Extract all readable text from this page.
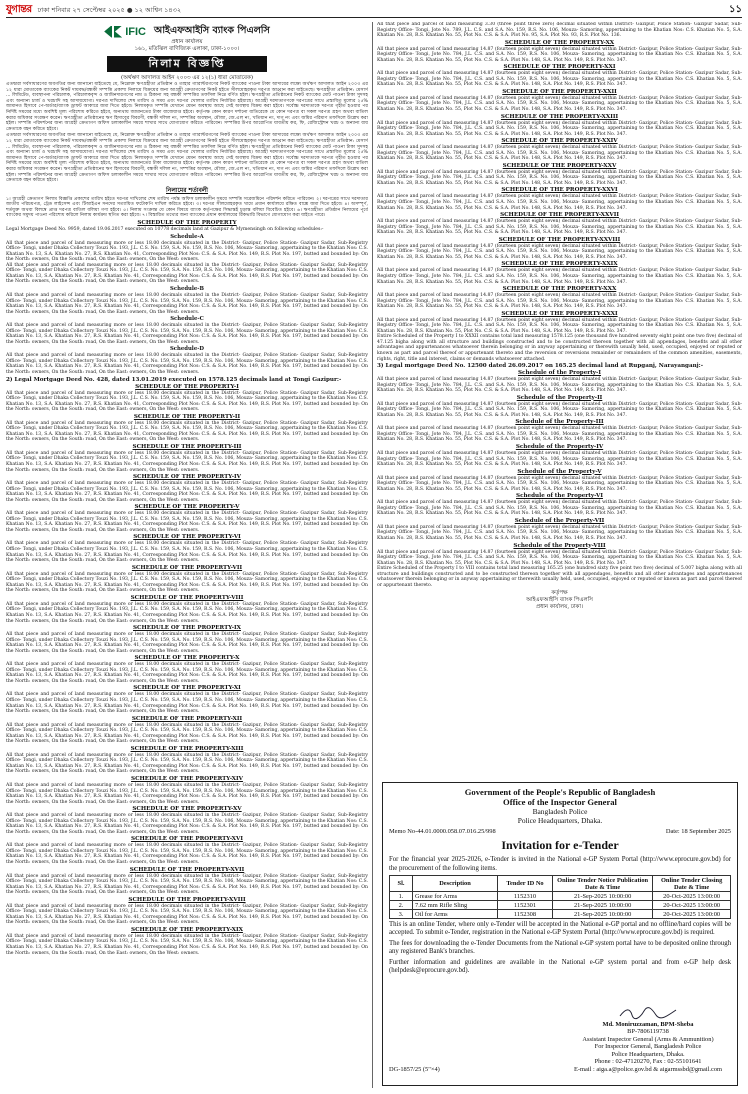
যুগান্তর ঢাকা শনিবার ২৭ সেপ্টেম্বর ২০২৫ ● ১২ আশ্বিন ১৪৩২	১১
IFIC আইএফআইসি ব্যাংক পিএলসি
প্রধান কার্যালয়
১৬১, মতিঝিল বাণিজ্যিক এলাকা, ঢাকা-১০০০।
নিলাম বিজ্ঞপ্তি
(অর্থঋণ আদালত আইন ২০০৩ এর ১২(১) ধারা মোতাবেক)

এতদ্বারা সর্বসাধারণের অবগতির জন্য জানানো যাইতেছে যে, নিম্নোক্ত ঋণগ্রহীতা প্রতিষ্ঠান ও তাহার গ্যারান্টরগণের নিকট ব্যাংকের পাওনা টাকা আদায়ের লক্ষ্যে অর্থঋণ আদালত আইন ২০০৩ এর ১২ ধারা মোতাবেক ব্যাংকের নিকট দায়বদ্ধ/বন্ধকী সম্পত্তি প্রকাশ্য নিলামে বিক্রয়ের জন্য আগ্রহী ক্রেতাগণের নিকট হইতে সীলমোহরকৃত দরপত্র আহ্বান করা যাইতেছে। ঋণগ্রহীতা প্রতিষ্ঠান: মেসার্স ... লিমিটেড, ব্যবস্থাপনা পরিচালক, পরিচালকবৃন্দ ও জামিনদারগণের নাম ও ঠিকানা সহ বন্ধকী সম্পত্তির তফসিল নিম্নে বর্ণিত হইল। ঋণগ্রহীতা প্রতিষ্ঠানের নিকট ব্যাংকের মোট পাওনা টাকা সুদসহ এবং অন্যান্য চার্জ ও খরচাদি সহ আদায়যোগ্য। দরপত্র দাখিলের শেষ তারিখ ও সময় এবং দরপত্র খোলার তারিখ নির্ধারিত হইয়াছে। আগ্রহী দরদাতাগণকে দরপত্রের সাথে প্রস্তাবিত মূল্যের ২৫% জামানত হিসাবে পে-অর্ডার/ব্যাংক ড্রাফট আকারে জমা দিতে হইবে। নিলামকৃত সম্পত্তি যেখানে যেমন অবস্থায় আছে সেই অবস্থায় বিক্রয় করা হইবে। সর্বোচ্চ দরদাতাকে দরপত্র গৃহীত হওয়ার পর নির্দিষ্ট সময়ের মধ্যে অবশিষ্ট মূল্য পরিশোধ করিতে হইবে, অন্যথায় জামানতের টাকা বাজেয়াপ্ত হইবে। কর্তৃপক্ষ কোন কারণ দর্শানো ব্যতিরেকে যে কোন দরপত্র বা সকল দরপত্র গ্রহণ অথবা বাতিল করার অধিকার সংরক্ষণ করেন। ঋণগ্রহীতা প্রতিষ্ঠানের ঋণ হিসাবের বিবরণী, বন্ধকী দলিল নং, সম্পত্তির অবস্থান, মৌজা, জে.এল নং, খতিয়ান নং, দাগ নং এবং জমির পরিমাণ তফসিলে উল্লেখ করা হইল। সম্পত্তি পরিদর্শনের জন্য আগ্রহী ক্রেতাগণ অফিস চলাকালীন সময়ে শাখার সাথে যোগাযোগ করিতে পারিবেন। সম্পত্তির উপর আরোপিত যাবতীয় কর, ফি, রেজিস্ট্রেশন খরচ ও অন্যান্য ব্যয় ক্রেতাকে বহন করিতে হইবে।

এতদ্বারা সর্বসাধারণের অবগতির জন্য জানানো যাইতেছে যে, নিম্নোক্ত ঋণগ্রহীতা প্রতিষ্ঠান ও তাহার গ্যারান্টরগণের নিকট ব্যাংকের পাওনা টাকা আদায়ের লক্ষ্যে অর্থঋণ আদালত আইন ২০০৩ এর ১২ ধারা মোতাবেক ব্যাংকের নিকট দায়বদ্ধ/বন্ধকী সম্পত্তি প্রকাশ্য নিলামে বিক্রয়ের জন্য আগ্রহী ক্রেতাগণের নিকট হইতে সীলমোহরকৃত দরপত্র আহ্বান করা যাইতেছে। ঋণগ্রহীতা প্রতিষ্ঠান: মেসার্স ... লিমিটেড, ব্যবস্থাপনা পরিচালক, পরিচালকবৃন্দ ও জামিনদারগণের নাম ও ঠিকানা সহ বন্ধকী সম্পত্তির তফসিল নিম্নে বর্ণিত হইল। ঋণগ্রহীতা প্রতিষ্ঠানের নিকট ব্যাংকের মোট পাওনা টাকা সুদসহ এবং অন্যান্য চার্জ ও খরচাদি সহ আদায়যোগ্য। দরপত্র দাখিলের শেষ তারিখ ও সময় এবং দরপত্র খোলার তারিখ নির্ধারিত হইয়াছে। আগ্রহী দরদাতাগণকে দরপত্রের সাথে প্রস্তাবিত মূল্যের ২৫% জামানত হিসাবে পে-অর্ডার/ব্যাংক ড্রাফট আকারে জমা দিতে হইবে। নিলামকৃত সম্পত্তি যেখানে যেমন অবস্থায় আছে সেই অবস্থায় বিক্রয় করা হইবে। সর্বোচ্চ দরদাতাকে দরপত্র গৃহীত হওয়ার পর নির্দিষ্ট সময়ের মধ্যে অবশিষ্ট মূল্য পরিশোধ করিতে হইবে, অন্যথায় জামানতের টাকা বাজেয়াপ্ত হইবে। কর্তৃপক্ষ কোন কারণ দর্শানো ব্যতিরেকে যে কোন দরপত্র বা সকল দরপত্র গ্রহণ অথবা বাতিল করার অধিকার সংরক্ষণ করেন। ঋণগ্রহীতা প্রতিষ্ঠানের ঋণ হিসাবের বিবরণী, বন্ধকী দলিল নং, সম্পত্তির অবস্থান, মৌজা, জে.এল নং, খতিয়ান নং, দাগ নং এবং জমির পরিমাণ তফসিলে উল্লেখ করা হইল। সম্পত্তি পরিদর্শনের জন্য আগ্রহী ক্রেতাগণ অফিস চলাকালীন সময়ে শাখার সাথে যোগাযোগ করিতে পারিবেন। সম্পত্তির উপর আরোপিত যাবতীয় কর, ফি, রেজিস্ট্রেশন খরচ ও অন্যান্য ব্যয় ক্রেতাকে বহন করিতে হইবে।

নিলামের শর্তাবলী

১। আগ্রহী ক্রেতাগণ নিলাম বিজ্ঞপ্তি প্রকাশের তারিখ হইতে দরপত্র দাখিলের শেষ তারিখ পর্যন্ত অফিস চলাকালীন সময়ে সম্পত্তি সরেজমিনে পরিদর্শন করিতে পারিবেন। ২। দরপত্রের সাথে দরদাতার জাতীয় পরিচয়পত্র, ট্রেড লাইসেন্স এবং টিআইএন সনদের সত্যায়িত ফটোকপি দাখিল করিতে হইবে। ৩। দরপত্র সীলমোহরকৃত খামে প্রধান কার্যালয়ে রক্ষিত বাক্সে জমা দিতে হইবে। ৪। অসম্পূর্ণ, শর্তযুক্ত অথবা বিলম্বে প্রাপ্ত দরপত্র বাতিল বলিয়া গণ্য হইবে। ৫। নিলাম সংক্রান্ত যে কোন বিষয়ে ব্যাংক কর্তৃপক্ষের সিদ্ধান্তই চূড়ান্ত বলিয়া বিবেচিত হইবে। ৬। ঋণগ্রহীতা প্রতিষ্ঠান নিলামের পূর্বে ব্যাংকের সমুদয় পাওনা পরিশোধ করিলে নিলাম কার্যক্রম স্থগিত করা হইবে। ৭। বিস্তারিত তথ্যের জন্য ব্যাংকের প্রধান কার্যালয়ের রিকভারি বিভাগে যোগাযোগ করা যাইতে পারে।

SCHEDULE OF THE PROPERTY

Legal Mortgage Deed No. 9959, dated 19.06.2017 executed on 10778 decimals land at Gazipur & Mymensingh on following schedules:-

Schedule-A

All that piece and parcel of land measuring more or less 18.00 decimals situated in the District- Gazipur, Police Station- Gazipur Sadar, Sub-Registry Office- Tongi, under Dhaka Collectory Touzi No. 193, J.L. C.S. No. 159, S.A. No. 159, R.S. No. 106, Mouza- Samoring, appertaining to the Khatian Nos: C.S. Khatian No. 13, S.A. Khatian No. 27, R.S. Khatian No. 41, Corresponding Plot Nos: C.S. & S.A. Plot No. 149, R.S. Plot No. 197, butted and bounded by: On the North: owners, On the South: road, On the East: owners, On the West: owners.

All that piece and parcel of land measuring more or less 18.00 decimals situated in the District- Gazipur, Police Station- Gazipur Sadar, Sub-Registry Office- Tongi, under Dhaka Collectory Touzi No. 193, J.L. C.S. No. 159, S.A. No. 159, R.S. No. 106, Mouza- Samoring, appertaining to the Khatian Nos: C.S. Khatian No. 13, S.A. Khatian No. 27, R.S. Khatian No. 41, Corresponding Plot Nos: C.S. & S.A. Plot No. 149, R.S. Plot No. 197, butted and bounded by: On the North: owners, On the South: road, On the East: owners, On the West: owners.

Schedule-B

All that piece and parcel of land measuring more or less 18.00 decimals situated in the District- Gazipur, Police Station- Gazipur Sadar, Sub-Registry Office- Tongi, under Dhaka Collectory Touzi No. 193, J.L. C.S. No. 159, S.A. No. 159, R.S. No. 106, Mouza- Samoring, appertaining to the Khatian Nos: C.S. Khatian No. 13, S.A. Khatian No. 27, R.S. Khatian No. 41, Corresponding Plot Nos: C.S. & S.A. Plot No. 149, R.S. Plot No. 197, butted and bounded by: On the North: owners, On the South: road, On the East: owners, On the West: owners.

Schedule-C

All that piece and parcel of land measuring more or less 18.00 decimals situated in the District- Gazipur, Police Station- Gazipur Sadar, Sub-Registry Office- Tongi, under Dhaka Collectory Touzi No. 193, J.L. C.S. No. 159, S.A. No. 159, R.S. No. 106, Mouza- Samoring, appertaining to the Khatian Nos: C.S. Khatian No. 13, S.A. Khatian No. 27, R.S. Khatian No. 41, Corresponding Plot Nos: C.S. & S.A. Plot No. 149, R.S. Plot No. 197, butted and bounded by: On the North: owners, On the South: road, On the East: owners, On the West: owners.

Schedule-D

All that piece and parcel of land measuring more or less 18.00 decimals situated in the District- Gazipur, Police Station- Gazipur Sadar, Sub-Registry Office- Tongi, under Dhaka Collectory Touzi No. 193, J.L. C.S. No. 159, S.A. No. 159, R.S. No. 106, Mouza- Samoring, appertaining to the Khatian Nos: C.S. Khatian No. 13, S.A. Khatian No. 27, R.S. Khatian No. 41, Corresponding Plot Nos: C.S. & S.A. Plot No. 149, R.S. Plot No. 197, butted and bounded by: On the North: owners, On the South: road, On the East: owners, On the West: owners.

2) Legal Mortgage Deed No. 428, dated 13.01.2019 executed on 1578.125 decimals land at Tongi Gazipur:-
SCHEDULE OF THE PROPERTY-I

All that piece and parcel of land measuring more or less 18.00 decimals situated in the District- Gazipur, Police Station- Gazipur Sadar, Sub-Registry Office- Tongi, under Dhaka Collectory Touzi No. 193, J.L. C.S. No. 159, S.A. No. 159, R.S. No. 106, Mouza- Samoring, appertaining to the Khatian Nos: C.S. Khatian No. 13, S.A. Khatian No. 27, R.S. Khatian No. 41, Corresponding Plot Nos: C.S. & S.A. Plot No. 149, R.S. Plot No. 197, butted and bounded by: On the North: owners, On the South: road, On the East: owners, On the West: owners.

SCHEDULE OF THE PROPERTY-II

All that piece and parcel of land measuring more or less 18.00 decimals situated in the District- Gazipur, Police Station- Gazipur Sadar, Sub-Registry Office- Tongi, under Dhaka Collectory Touzi No. 193, J.L. C.S. No. 159, S.A. No. 159, R.S. No. 106, Mouza- Samoring, appertaining to the Khatian Nos: C.S. Khatian No. 13, S.A. Khatian No. 27, R.S. Khatian No. 41, Corresponding Plot Nos: C.S. & S.A. Plot No. 149, R.S. Plot No. 197, butted and bounded by: On the North: owners, On the South: road, On the East: owners, On the West: owners.

SCHEDULE OF THE PROPERTY-III

All that piece and parcel of land measuring more or less 18.00 decimals situated in the District- Gazipur, Police Station- Gazipur Sadar, Sub-Registry Office- Tongi, under Dhaka Collectory Touzi No. 193, J.L. C.S. No. 159, S.A. No. 159, R.S. No. 106, Mouza- Samoring, appertaining to the Khatian Nos: C.S. Khatian No. 13, S.A. Khatian No. 27, R.S. Khatian No. 41, Corresponding Plot Nos: C.S. & S.A. Plot No. 149, R.S. Plot No. 197, butted and bounded by: On the North: owners, On the South: road, On the East: owners, On the West: owners.

SCHEDULE OF THE PROPERTY-IV

All that piece and parcel of land measuring more or less 18.00 decimals situated in the District- Gazipur, Police Station- Gazipur Sadar, Sub-Registry Office- Tongi, under Dhaka Collectory Touzi No. 193, J.L. C.S. No. 159, S.A. No. 159, R.S. No. 106, Mouza- Samoring, appertaining to the Khatian Nos: C.S. Khatian No. 13, S.A. Khatian No. 27, R.S. Khatian No. 41, Corresponding Plot Nos: C.S. & S.A. Plot No. 149, R.S. Plot No. 197, butted and bounded by: On the North: owners, On the South: road, On the East: owners, On the West: owners.

SCHEDULE OF THE PROPERTY-V

All that piece and parcel of land measuring more or less 18.00 decimals situated in the District- Gazipur, Police Station- Gazipur Sadar, Sub-Registry Office- Tongi, under Dhaka Collectory Touzi No. 193, J.L. C.S. No. 159, S.A. No. 159, R.S. No. 106, Mouza- Samoring, appertaining to the Khatian Nos: C.S. Khatian No. 13, S.A. Khatian No. 27, R.S. Khatian No. 41, Corresponding Plot Nos: C.S. & S.A. Plot No. 149, R.S. Plot No. 197, butted and bounded by: On the North: owners, On the South: road, On the East: owners, On the West: owners.

SCHEDULE OF THE PROPERTY-VI

All that piece and parcel of land measuring more or less 18.00 decimals situated in the District- Gazipur, Police Station- Gazipur Sadar, Sub-Registry Office- Tongi, under Dhaka Collectory Touzi No. 193, J.L. C.S. No. 159, S.A. No. 159, R.S. No. 106, Mouza- Samoring, appertaining to the Khatian Nos: C.S. Khatian No. 13, S.A. Khatian No. 27, R.S. Khatian No. 41, Corresponding Plot Nos: C.S. & S.A. Plot No. 149, R.S. Plot No. 197, butted and bounded by: On the North: owners, On the South: road, On the East: owners, On the West: owners.

SCHEDULE OF THE PROPERTY-VII

All that piece and parcel of land measuring more or less 18.00 decimals situated in the District- Gazipur, Police Station- Gazipur Sadar, Sub-Registry Office- Tongi, under Dhaka Collectory Touzi No. 193, J.L. C.S. No. 159, S.A. No. 159, R.S. No. 106, Mouza- Samoring, appertaining to the Khatian Nos: C.S. Khatian No. 13, S.A. Khatian No. 27, R.S. Khatian No. 41, Corresponding Plot Nos: C.S. & S.A. Plot No. 149, R.S. Plot No. 197, butted and bounded by: On the North: owners, On the South: road, On the East: owners, On the West: owners.

SCHEDULE OF THE PROPERTY-VIII

All that piece and parcel of land measuring more or less 18.00 decimals situated in the District- Gazipur, Police Station- Gazipur Sadar, Sub-Registry Office- Tongi, under Dhaka Collectory Touzi No. 193, J.L. C.S. No. 159, S.A. No. 159, R.S. No. 106, Mouza- Samoring, appertaining to the Khatian Nos: C.S. Khatian No. 13, S.A. Khatian No. 27, R.S. Khatian No. 41, Corresponding Plot Nos: C.S. & S.A. Plot No. 149, R.S. Plot No. 197, butted and bounded by: On the North: owners, On the South: road, On the East: owners, On the West: owners.

SCHEDULE OF THE PROPERTY-IX

All that piece and parcel of land measuring more or less 18.00 decimals situated in the District- Gazipur, Police Station- Gazipur Sadar, Sub-Registry Office- Tongi, under Dhaka Collectory Touzi No. 193, J.L. C.S. No. 159, S.A. No. 159, R.S. No. 106, Mouza- Samoring, appertaining to the Khatian Nos: C.S. Khatian No. 13, S.A. Khatian No. 27, R.S. Khatian No. 41, Corresponding Plot Nos: C.S. & S.A. Plot No. 149, R.S. Plot No. 197, butted and bounded by: On the North: owners, On the South: road, On the East: owners, On the West: owners.

SCHEDULE OF THE PROPERTY-X

All that piece and parcel of land measuring more or less 18.00 decimals situated in the District- Gazipur, Police Station- Gazipur Sadar, Sub-Registry Office- Tongi, under Dhaka Collectory Touzi No. 193, J.L. C.S. No. 159, S.A. No. 159, R.S. No. 106, Mouza- Samoring, appertaining to the Khatian Nos: C.S. Khatian No. 13, S.A. Khatian No. 27, R.S. Khatian No. 41, Corresponding Plot Nos: C.S. & S.A. Plot No. 149, R.S. Plot No. 197, butted and bounded by: On the North: owners, On the South: road, On the East: owners, On the West: owners.

SCHEDULE OF THE PROPERTY-XI

All that piece and parcel of land measuring more or less 18.00 decimals situated in the District- Gazipur, Police Station- Gazipur Sadar, Sub-Registry Office- Tongi, under Dhaka Collectory Touzi No. 193, J.L. C.S. No. 159, S.A. No. 159, R.S. No. 106, Mouza- Samoring, appertaining to the Khatian Nos: C.S. Khatian No. 13, S.A. Khatian No. 27, R.S. Khatian No. 41, Corresponding Plot Nos: C.S. & S.A. Plot No. 149, R.S. Plot No. 197, butted and bounded by: On the North: owners, On the South: road, On the East: owners, On the West: owners.

SCHEDULE OF THE PROPERTY-XII

All that piece and parcel of land measuring more or less 18.00 decimals situated in the District- Gazipur, Police Station- Gazipur Sadar, Sub-Registry Office- Tongi, under Dhaka Collectory Touzi No. 193, J.L. C.S. No. 159, S.A. No. 159, R.S. No. 106, Mouza- Samoring, appertaining to the Khatian Nos: C.S. Khatian No. 13, S.A. Khatian No. 27, R.S. Khatian No. 41, Corresponding Plot Nos: C.S. & S.A. Plot No. 149, R.S. Plot No. 197, butted and bounded by: On the North: owners, On the South: road, On the East: owners, On the West: owners.

SCHEDULE OF THE PROPERTY-XIII

All that piece and parcel of land measuring more or less 18.00 decimals situated in the District- Gazipur, Police Station- Gazipur Sadar, Sub-Registry Office- Tongi, under Dhaka Collectory Touzi No. 193, J.L. C.S. No. 159, S.A. No. 159, R.S. No. 106, Mouza- Samoring, appertaining to the Khatian Nos: C.S. Khatian No. 13, S.A. Khatian No. 27, R.S. Khatian No. 41, Corresponding Plot Nos: C.S. & S.A. Plot No. 149, R.S. Plot No. 197, butted and bounded by: On the North: owners, On the South: road, On the East: owners, On the West: owners.

SCHEDULE OF THE PROPERTY-XIV

All that piece and parcel of land measuring more or less 18.00 decimals situated in the District- Gazipur, Police Station- Gazipur Sadar, Sub-Registry Office- Tongi, under Dhaka Collectory Touzi No. 193, J.L. C.S. No. 159, S.A. No. 159, R.S. No. 106, Mouza- Samoring, appertaining to the Khatian Nos: C.S. Khatian No. 13, S.A. Khatian No. 27, R.S. Khatian No. 41, Corresponding Plot Nos: C.S. & S.A. Plot No. 149, R.S. Plot No. 197, butted and bounded by: On the North: owners, On the South: road, On the East: owners, On the West: owners.

SCHEDULE OF THE PROPERTY-XV

All that piece and parcel of land measuring more or less 18.00 decimals situated in the District- Gazipur, Police Station- Gazipur Sadar, Sub-Registry Office- Tongi, under Dhaka Collectory Touzi No. 193, J.L. C.S. No. 159, S.A. No. 159, R.S. No. 106, Mouza- Samoring, appertaining to the Khatian Nos: C.S. Khatian No. 13, S.A. Khatian No. 27, R.S. Khatian No. 41, Corresponding Plot Nos: C.S. & S.A. Plot No. 149, R.S. Plot No. 197, butted and bounded by: On the North: owners, On the South: road, On the East: owners, On the West: owners.

SCHEDULE OF THE PROPERTY-XVI

All that piece and parcel of land measuring more or less 18.00 decimals situated in the District- Gazipur, Police Station- Gazipur Sadar, Sub-Registry Office- Tongi, under Dhaka Collectory Touzi No. 193, J.L. C.S. No. 159, S.A. No. 159, R.S. No. 106, Mouza- Samoring, appertaining to the Khatian Nos: C.S. Khatian No. 13, S.A. Khatian No. 27, R.S. Khatian No. 41, Corresponding Plot Nos: C.S. & S.A. Plot No. 149, R.S. Plot No. 197, butted and bounded by: On the North: owners, On the South: road, On the East: owners, On the West: owners.

SCHEDULE OF THE PROPERTY-XVII

All that piece and parcel of land measuring more or less 18.00 decimals situated in the District- Gazipur, Police Station- Gazipur Sadar, Sub-Registry Office- Tongi, under Dhaka Collectory Touzi No. 193, J.L. C.S. No. 159, S.A. No. 159, R.S. No. 106, Mouza- Samoring, appertaining to the Khatian Nos: C.S. Khatian No. 13, S.A. Khatian No. 27, R.S. Khatian No. 41, Corresponding Plot Nos: C.S. & S.A. Plot No. 149, R.S. Plot No. 197, butted and bounded by: On the North: owners, On the South: road, On the East: owners, On the West: owners.

SCHEDULE OF THE PROPERTY-XVIII

All that piece and parcel of land measuring more or less 18.00 decimals situated in the District- Gazipur, Police Station- Gazipur Sadar, Sub-Registry Office- Tongi, under Dhaka Collectory Touzi No. 193, J.L. C.S. No. 159, S.A. No. 159, R.S. No. 106, Mouza- Samoring, appertaining to the Khatian Nos: C.S. Khatian No. 13, S.A. Khatian No. 27, R.S. Khatian No. 41, Corresponding Plot Nos: C.S. & S.A. Plot No. 149, R.S. Plot No. 197, butted and bounded by: On the North: owners, On the South: road, On the East: owners, On the West: owners.

SCHEDULE OF THE PROPERTY-XIX

All that piece and parcel of land measuring more or less 18.00 decimals situated in the District- Gazipur, Police Station- Gazipur Sadar, Sub-Registry Office- Tongi, under Dhaka Collectory Touzi No. 193, J.L. C.S. No. 159, S.A. No. 159, R.S. No. 106, Mouza- Samoring, appertaining to the Khatian Nos: C.S. Khatian No. 13, S.A. Khatian No. 27, R.S. Khatian No. 41, Corresponding Plot Nos: C.S. & S.A. Plot No. 149, R.S. Plot No. 197, butted and bounded by: On the North: owners, On the South: road, On the East: owners, On the West: owners.

All that piece and parcel of land measuring 3.30 (three point three zero) decimal situated within District- Gazipur, Police Station- Gazipur Sadar, Sub-Registry Office- Tongi, Jote No. 789, J.L. C.S. and S.A. No. 159, R.S. No. 106, Mouza- Samoring, appertaining to the Khatian Nos: C.S. Khatian No. 5, S.A. Khatian No. 28, R.S. Khatian No. 55, Plot No. C.S. & S.A. Plot No. 95, S.A. Plot No. 93, R.S. Plot No. 136.

SCHEDULE OF THE PROPERTY-XX

All that piece and parcel of land measuring 14.87 (fourteen point eight seven) decimal situated within District- Gazipur, Police Station- Gazipur Sadar, Sub-Registry Office- Tongi, Jote No. 784, J.L. C.S. and S.A. No. 159, R.S. No. 106, Mouza- Samoring, appertaining to the Khatian No: C.S. Khatian No. 5, S.A. Khatian No. 28, R.S. Khatian No. 55, Plot No. C.S. & S.A. Plot No. 148, S.A. Plot No. 149, R.S. Plot No. 347.

SCHEDULE OF THE PROPERTY-XXI

All that piece and parcel of land measuring 14.87 (fourteen point eight seven) decimal situated within District- Gazipur, Police Station- Gazipur Sadar, Sub-Registry Office- Tongi, Jote No. 784, J.L. C.S. and S.A. No. 159, R.S. No. 106, Mouza- Samoring, appertaining to the Khatian No: C.S. Khatian No. 5, S.A. Khatian No. 28, R.S. Khatian No. 55, Plot No. C.S. & S.A. Plot No. 148, S.A. Plot No. 149, R.S. Plot No. 347.

SCHEDULE OF THE PROPERTY-XXII

All that piece and parcel of land measuring 14.87 (fourteen point eight seven) decimal situated within District- Gazipur, Police Station- Gazipur Sadar, Sub-Registry Office- Tongi, Jote No. 784, J.L. C.S. and S.A. No. 159, R.S. No. 106, Mouza- Samoring, appertaining to the Khatian No: C.S. Khatian No. 5, S.A. Khatian No. 28, R.S. Khatian No. 55, Plot No. C.S. & S.A. Plot No. 148, S.A. Plot No. 149, R.S. Plot No. 347.

SCHEDULE OF THE PROPERTY-XXIII

All that piece and parcel of land measuring 14.87 (fourteen point eight seven) decimal situated within District- Gazipur, Police Station- Gazipur Sadar, Sub-Registry Office- Tongi, Jote No. 784, J.L. C.S. and S.A. No. 159, R.S. No. 106, Mouza- Samoring, appertaining to the Khatian No: C.S. Khatian No. 5, S.A. Khatian No. 28, R.S. Khatian No. 55, Plot No. C.S. & S.A. Plot No. 148, S.A. Plot No. 149, R.S. Plot No. 347.

SCHEDULE OF THE PROPERTY-XXIV

All that piece and parcel of land measuring 14.87 (fourteen point eight seven) decimal situated within District- Gazipur, Police Station- Gazipur Sadar, Sub-Registry Office- Tongi, Jote No. 784, J.L. C.S. and S.A. No. 159, R.S. No. 106, Mouza- Samoring, appertaining to the Khatian No: C.S. Khatian No. 5, S.A. Khatian No. 28, R.S. Khatian No. 55, Plot No. C.S. & S.A. Plot No. 148, S.A. Plot No. 149, R.S. Plot No. 347.

SCHEDULE OF THE PROPERTY-XXV

All that piece and parcel of land measuring 14.87 (fourteen point eight seven) decimal situated within District- Gazipur, Police Station- Gazipur Sadar, Sub-Registry Office- Tongi, Jote No. 784, J.L. C.S. and S.A. No. 159, R.S. No. 106, Mouza- Samoring, appertaining to the Khatian No: C.S. Khatian No. 5, S.A. Khatian No. 28, R.S. Khatian No. 55, Plot No. C.S. & S.A. Plot No. 148, S.A. Plot No. 149, R.S. Plot No. 347.

SCHEDULE OF THE PROPERTY-XXVI

All that piece and parcel of land measuring 14.87 (fourteen point eight seven) decimal situated within District- Gazipur, Police Station- Gazipur Sadar, Sub-Registry Office- Tongi, Jote No. 784, J.L. C.S. and S.A. No. 159, R.S. No. 106, Mouza- Samoring, appertaining to the Khatian No: C.S. Khatian No. 5, S.A. Khatian No. 28, R.S. Khatian No. 55, Plot No. C.S. & S.A. Plot No. 148, S.A. Plot No. 149, R.S. Plot No. 347.

SCHEDULE OF THE PROPERTY-XXVII

All that piece and parcel of land measuring 14.87 (fourteen point eight seven) decimal situated within District- Gazipur, Police Station- Gazipur Sadar, Sub-Registry Office- Tongi, Jote No. 784, J.L. C.S. and S.A. No. 159, R.S. No. 106, Mouza- Samoring, appertaining to the Khatian No: C.S. Khatian No. 5, S.A. Khatian No. 28, R.S. Khatian No. 55, Plot No. C.S. & S.A. Plot No. 148, S.A. Plot No. 149, R.S. Plot No. 347.

SCHEDULE OF THE PROPERTY-XXVIII

All that piece and parcel of land measuring 14.87 (fourteen point eight seven) decimal situated within District- Gazipur, Police Station- Gazipur Sadar, Sub-Registry Office- Tongi, Jote No. 784, J.L. C.S. and S.A. No. 159, R.S. No. 106, Mouza- Samoring, appertaining to the Khatian No: C.S. Khatian No. 5, S.A. Khatian No. 28, R.S. Khatian No. 55, Plot No. C.S. & S.A. Plot No. 148, S.A. Plot No. 149, R.S. Plot No. 347.

SCHEDULE OF THE PROPERTY-XXIX

All that piece and parcel of land measuring 14.87 (fourteen point eight seven) decimal situated within District- Gazipur, Police Station- Gazipur Sadar, Sub-Registry Office- Tongi, Jote No. 784, J.L. C.S. and S.A. No. 159, R.S. No. 106, Mouza- Samoring, appertaining to the Khatian No: C.S. Khatian No. 5, S.A. Khatian No. 28, R.S. Khatian No. 55, Plot No. C.S. & S.A. Plot No. 148, S.A. Plot No. 149, R.S. Plot No. 347.

SCHEDULE OF THE PROPERTY-XXX

All that piece and parcel of land measuring 14.87 (fourteen point eight seven) decimal situated within District- Gazipur, Police Station- Gazipur Sadar, Sub-Registry Office- Tongi, Jote No. 784, J.L. C.S. and S.A. No. 159, R.S. No. 106, Mouza- Samoring, appertaining to the Khatian No: C.S. Khatian No. 5, S.A. Khatian No. 28, R.S. Khatian No. 55, Plot No. C.S. & S.A. Plot No. 148, S.A. Plot No. 149, R.S. Plot No. 347.

SCHEDULE OF THE PROPERTY-XXXI

All that piece and parcel of land measuring 14.87 (fourteen point eight seven) decimal situated within District- Gazipur, Police Station- Gazipur Sadar, Sub-Registry Office- Tongi, Jote No. 784, J.L. C.S. and S.A. No. 159, R.S. No. 106, Mouza- Samoring, appertaining to the Khatian No: C.S. Khatian No. 5, S.A. Khatian No. 28, R.S. Khatian No. 55, Plot No. C.S. & S.A. Plot No. 148, S.A. Plot No. 149, R.S. Plot No. 347.

Entire Scheduled of the Property I to XXXII contains total land measuring 1578.125 (one thousand five hundred seventy eight point one two five) decimal of 47.125 bigha along with all structure and buildings constructed and to be constructed thereon together with all appendages, benefits and all other advantages and appurtenances whatsoever therein belonging or in anyway appertaining or therewith usually held, used, occupied, enjoyed or reputed or known as part and parcel thereof or appurtenant thereto and the reversion or reversions remainder or remainders of the common amenities, easements, rights, right, title and interest, claims or demands whatsoever attached.

3) Legal mortgage Deed No. 12500 dated 26.09.2017 on 165.25 decimal land at Rupganj, Narayanganj:-
Schedule of the Property-I

All that piece and parcel of land measuring 14.87 (fourteen point eight seven) decimal situated within District- Gazipur, Police Station- Gazipur Sadar, Sub-Registry Office- Tongi, Jote No. 784, J.L. C.S. and S.A. No. 159, R.S. No. 106, Mouza- Samoring, appertaining to the Khatian No: C.S. Khatian No. 5, S.A. Khatian No. 28, R.S. Khatian No. 55, Plot No. C.S. & S.A. Plot No. 148, S.A. Plot No. 149, R.S. Plot No. 347.

Schedule of the Property-II

All that piece and parcel of land measuring 14.87 (fourteen point eight seven) decimal situated within District- Gazipur, Police Station- Gazipur Sadar, Sub-Registry Office- Tongi, Jote No. 784, J.L. C.S. and S.A. No. 159, R.S. No. 106, Mouza- Samoring, appertaining to the Khatian No: C.S. Khatian No. 5, S.A. Khatian No. 28, R.S. Khatian No. 55, Plot No. C.S. & S.A. Plot No. 148, S.A. Plot No. 149, R.S. Plot No. 347.

Schedule of the Property-III

All that piece and parcel of land measuring 14.87 (fourteen point eight seven) decimal situated within District- Gazipur, Police Station- Gazipur Sadar, Sub-Registry Office- Tongi, Jote No. 784, J.L. C.S. and S.A. No. 159, R.S. No. 106, Mouza- Samoring, appertaining to the Khatian No: C.S. Khatian No. 5, S.A. Khatian No. 28, R.S. Khatian No. 55, Plot No. C.S. & S.A. Plot No. 148, S.A. Plot No. 149, R.S. Plot No. 347.

Schedule of the Property-IV

All that piece and parcel of land measuring 14.87 (fourteen point eight seven) decimal situated within District- Gazipur, Police Station- Gazipur Sadar, Sub-Registry Office- Tongi, Jote No. 784, J.L. C.S. and S.A. No. 159, R.S. No. 106, Mouza- Samoring, appertaining to the Khatian No: C.S. Khatian No. 5, S.A. Khatian No. 28, R.S. Khatian No. 55, Plot No. C.S. & S.A. Plot No. 148, S.A. Plot No. 149, R.S. Plot No. 347.

Schedule of the Property-V

All that piece and parcel of land measuring 14.87 (fourteen point eight seven) decimal situated within District- Gazipur, Police Station- Gazipur Sadar, Sub-Registry Office- Tongi, Jote No. 784, J.L. C.S. and S.A. No. 159, R.S. No. 106, Mouza- Samoring, appertaining to the Khatian No: C.S. Khatian No. 5, S.A. Khatian No. 28, R.S. Khatian No. 55, Plot No. C.S. & S.A. Plot No. 148, S.A. Plot No. 149, R.S. Plot No. 347.

Schedule of the Property-VI

All that piece and parcel of land measuring 14.87 (fourteen point eight seven) decimal situated within District- Gazipur, Police Station- Gazipur Sadar, Sub-Registry Office- Tongi, Jote No. 784, J.L. C.S. and S.A. No. 159, R.S. No. 106, Mouza- Samoring, appertaining to the Khatian No: C.S. Khatian No. 5, S.A. Khatian No. 28, R.S. Khatian No. 55, Plot No. C.S. & S.A. Plot No. 148, S.A. Plot No. 149, R.S. Plot No. 347.

Schedule of the Property-VII

All that piece and parcel of land measuring 14.87 (fourteen point eight seven) decimal situated within District- Gazipur, Police Station- Gazipur Sadar, Sub-Registry Office- Tongi, Jote No. 784, J.L. C.S. and S.A. No. 159, R.S. No. 106, Mouza- Samoring, appertaining to the Khatian No: C.S. Khatian No. 5, S.A. Khatian No. 28, R.S. Khatian No. 55, Plot No. C.S. & S.A. Plot No. 148, S.A. Plot No. 149, R.S. Plot No. 347.

Schedule of the Property-VIII

All that piece and parcel of land measuring 14.87 (fourteen point eight seven) decimal situated within District- Gazipur, Police Station- Gazipur Sadar, Sub-Registry Office- Tongi, Jote No. 784, J.L. C.S. and S.A. No. 159, R.S. No. 106, Mouza- Samoring, appertaining to the Khatian No: C.S. Khatian No. 5, S.A. Khatian No. 28, R.S. Khatian No. 55, Plot No. C.S. & S.A. Plot No. 148, S.A. Plot No. 149, R.S. Plot No. 347.

Entire Scheduled of the Property I to VIII contains total land measuring 165.25 (one hundred sixty five point two five) decimal of 5.007 bigha along with all structure and buildings constructed and to be constructed thereon together with all appendages, benefits and all other advantages and appurtenances whatsoever therein belonging or in anyway appertaining or therewith usually held, used, occupied, enjoyed or reputed or known as part and parcel thereof or appurtenant thereto.

কর্তৃপক্ষ
আইএফআইসি ব্যাংক পিএলসি
প্রধান কার্যালয়, ঢাকা।

Government of the People's Republic of Bangladesh

Office of the Inspector General

Bangladesh Police

Police Headquarters, Dhaka.

Memo No-44.01.0000.058.07.016.25/998	Date: 18 September 2025
Invitation for e-Tender

For the financial year 2025-2026, e-Tender is invited in the National e-GP System Portal (http://www.eprocure.gov.bd) for the procurement of the following items.

Sl.	Description	Tender ID No	Online Tender Notice Publication Date & Time	Online Tender Closing Date & Time
1.	Grease for Arms	1152310	21-Sep-2025 10:00:00	20-Oct-2025 13:00:00
2.	7.62 mm Rifle Sling	1152301	21-Sep-2025 10:00:00	20-Oct-2025 13:00:00
3.	Oil for Arms	1152308	21-Sep-2025 10:00:00	20-Oct-2025 13:00:00

This is an online Tender, where only e-Tender will be accepted in the National e-GP portal and no offline/hard copies will be accepted. To submit e-Tender, registration in the National e-GP System Portal (http://www.eprocure.gov.bd) is required.

The fees for downloading the e-Tender Documents from the National e-GP system portal have to be deposited online through any registered Bank's branches.

Further information and guidelines are available in the National e-GP system portal and from e-GP help desk (helpdesk@eprocure.gov.bd).

DG-1857/25 (5"×4)
Md. Moniruzzaman, BPM-Sheba
BP-7806119738
Assistant Inspector General (Arms & Ammunition)
For Inspector General, Bangladesh Police
Police Headquarters, Dhaka.
Phone : 02-47120270, Fax : 02-55101641
E-mail : aiga.a@police.gov.bd & aigarmssbd@gmail.com
